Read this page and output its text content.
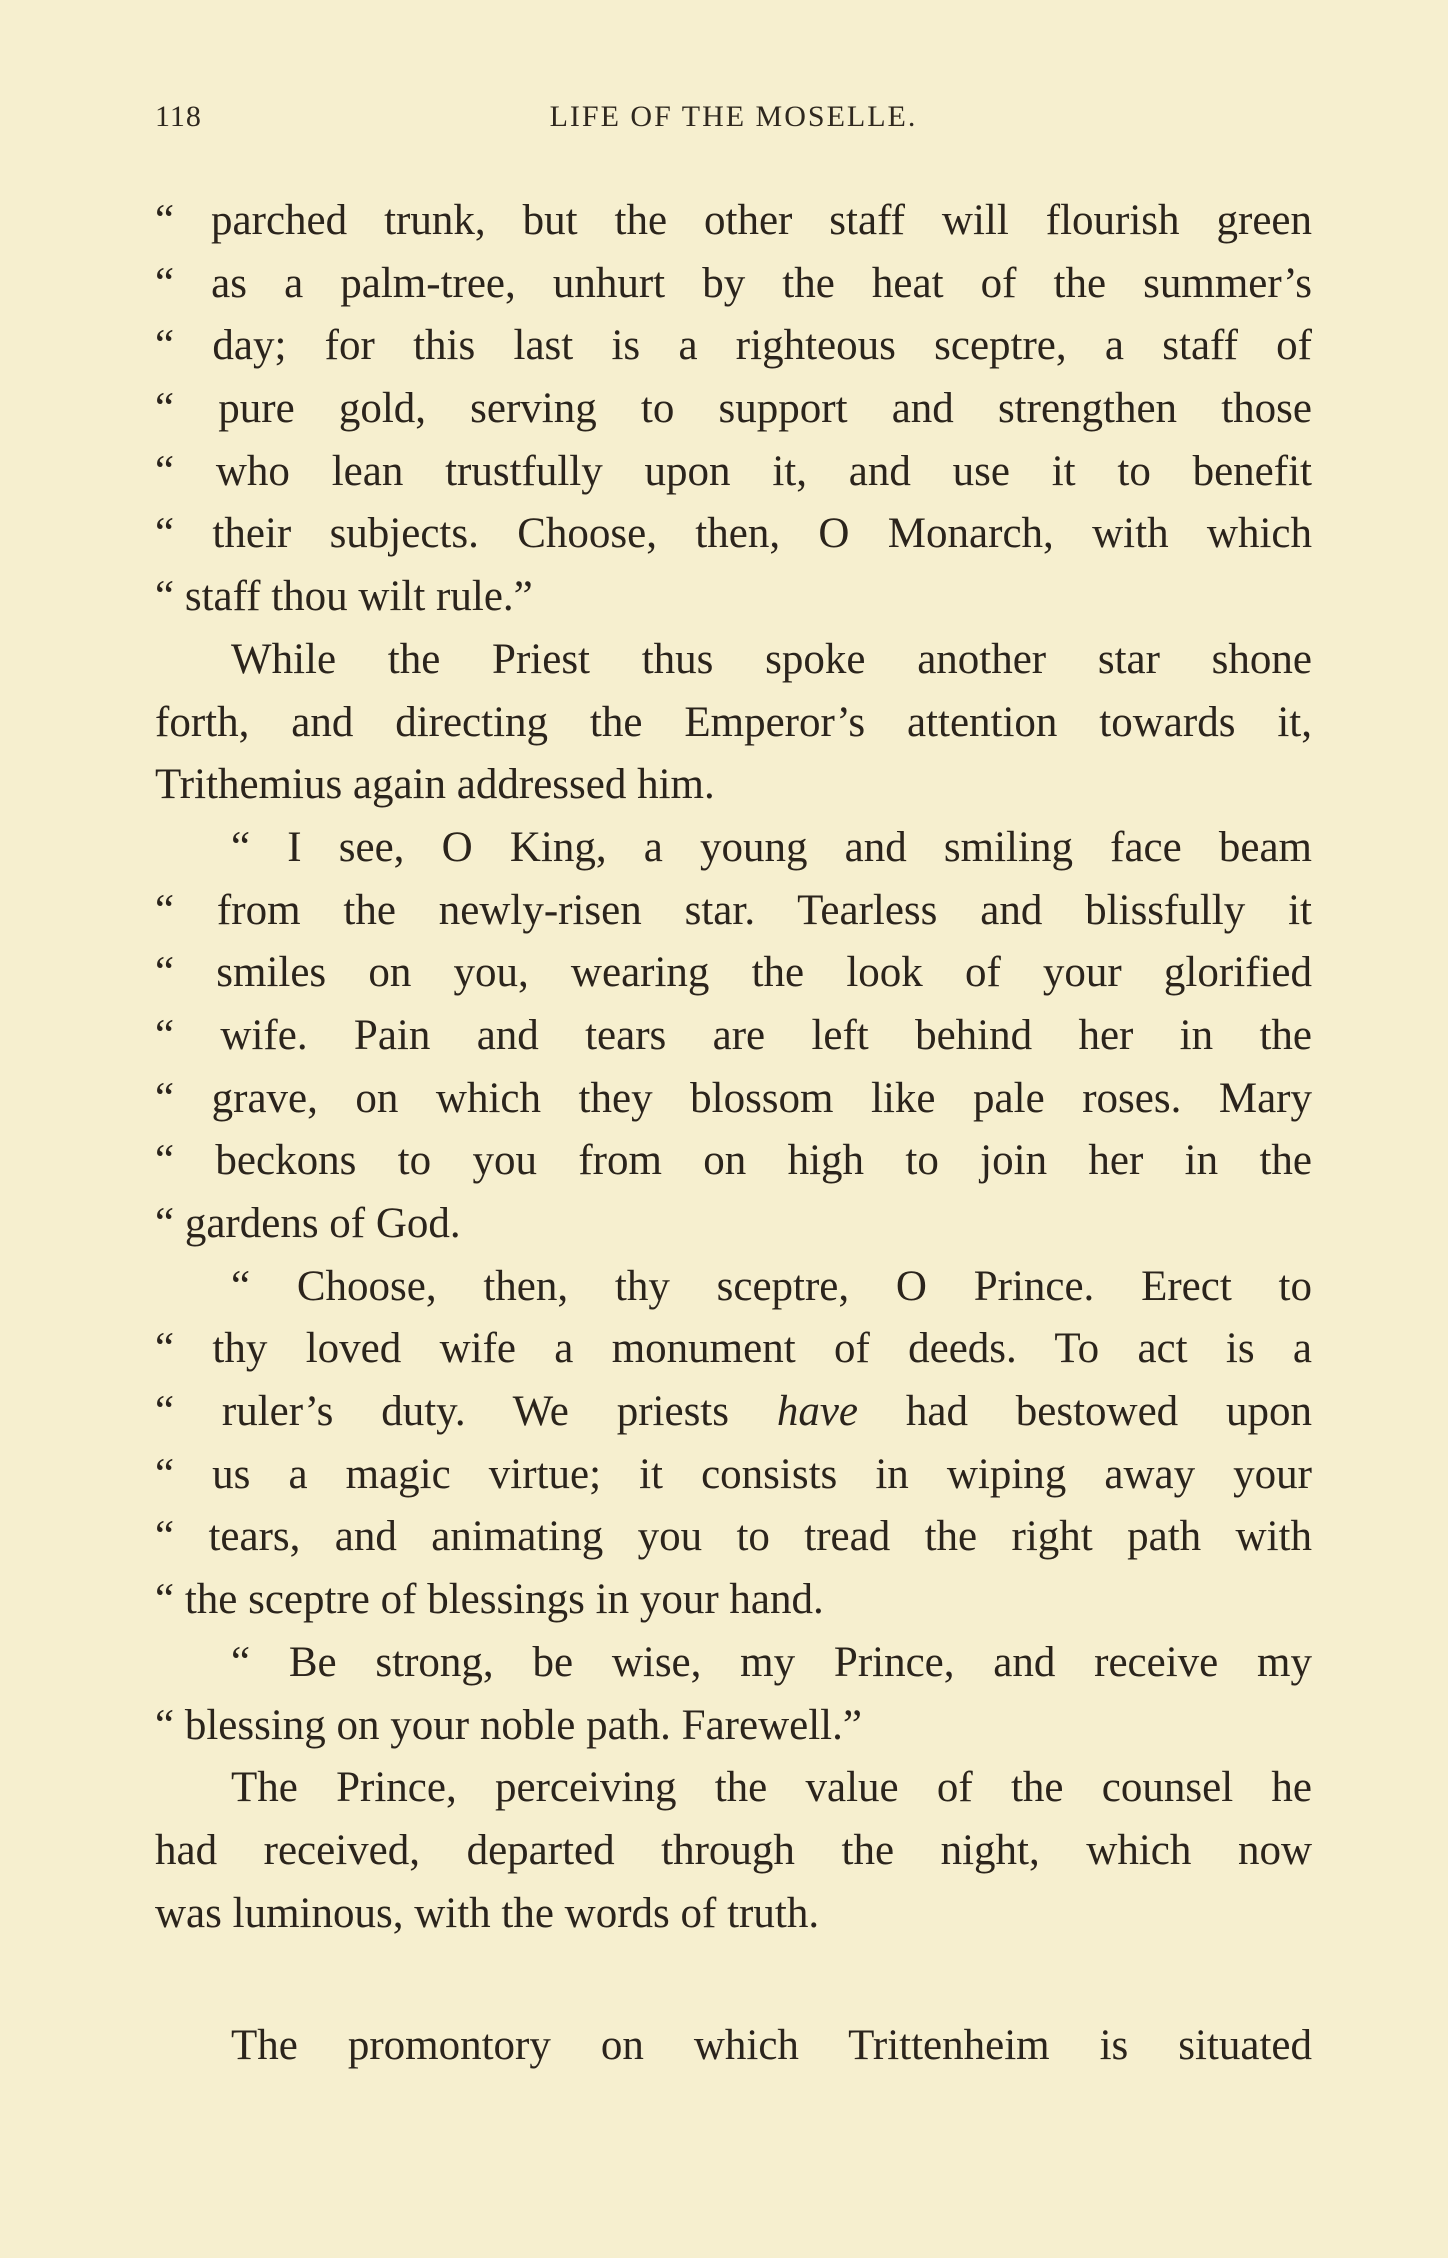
118	LIFE OF THE MOSELLE.
“ parched trunk, but the other staff will flourish green
“ as a palm-tree, unhurt by the heat of the summer’s
“ day; for this last is a righteous sceptre, a staff of
“ pure gold, serving to support and strengthen those
“ who lean trustfully upon it, and use it to benefit
“ their subjects. Choose, then, O Monarch, with which
“ staff thou wilt rule.”
While the Priest thus spoke another star shone
forth, and directing the Emperor’s attention towards it,
Trithemius again addressed him.
“ I see, O King, a young and smiling face beam
“ from the newly-risen star. Tearless and blissfully it
“ smiles on you, wearing the look of your glorified
“ wife. Pain and tears are left behind her in the
“ grave, on which they blossom like pale roses. Mary
“ beckons to you from on high to join her in the
“ gardens of God.
“ Choose, then, thy sceptre, O Prince. Erect to
“ thy loved wife a monument of deeds. To act is a
“ ruler’s duty. We priests have had bestowed upon
“ us a magic virtue; it consists in wiping away your
“ tears, and animating you to tread the right path with
“ the sceptre of blessings in your hand.
“ Be strong, be wise, my Prince, and receive my
“ blessing on your noble path. Farewell.”
The Prince, perceiving the value of the counsel he
had received, departed through the night, which now
was luminous, with the words of truth.
The promontory on which Trittenheim is situated
